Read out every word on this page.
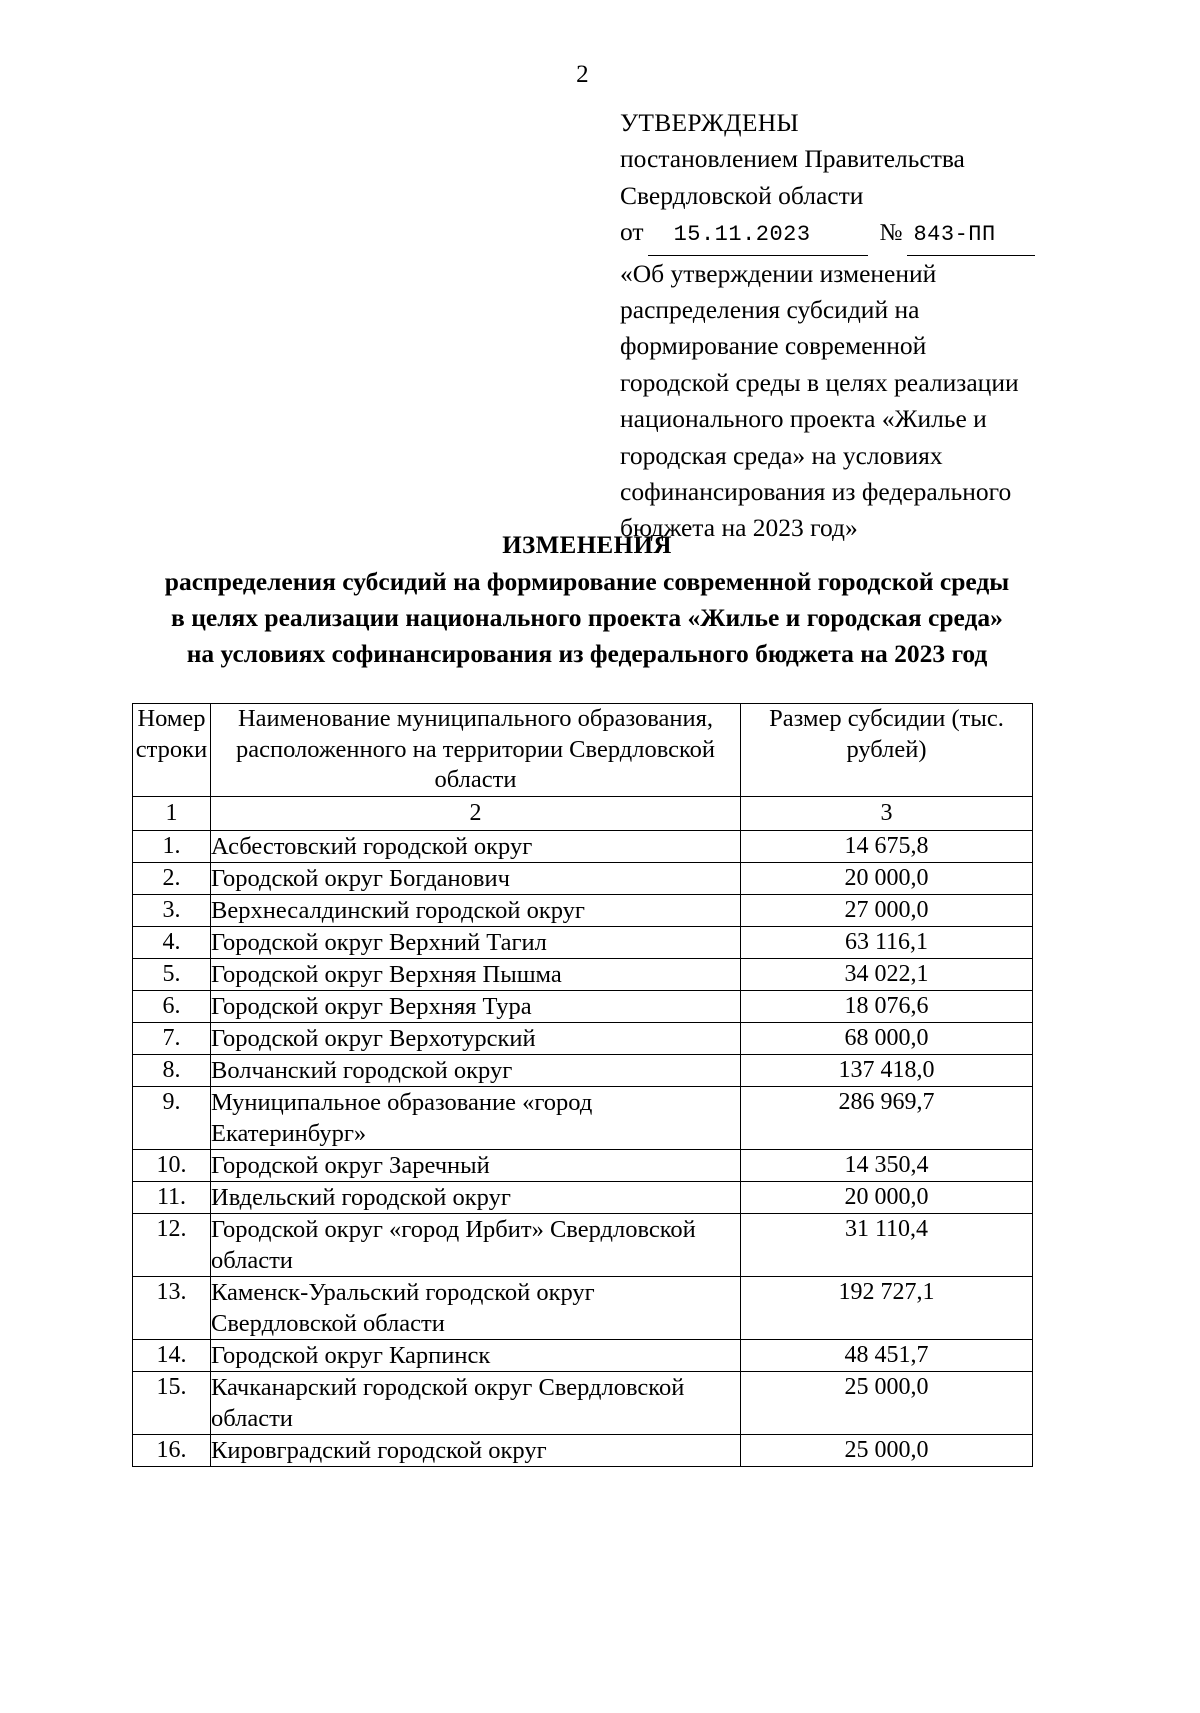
2
УТВЕРЖДЕНЫ
постановлением Правительства
Свердловской области
от	15.11.2023	№ 843-ПП
«Об утверждении изменений
распределения субсидий на
формирование современной
городской среды в целях реализации
национального проекта «Жилье и
городская среда» на условиях
софинансирования из федерального
бюджета на 2023 год»
ИЗМЕНЕНИЯ
распределения субсидий на формирование современной городской среды
в целях реализации национального проекта «Жилье и городская среда»
на условиях софинансирования из федерального бюджета на 2023 год
Номер строки	Наименование муниципального образования, расположенного на территории Свердловской области	Размер субсидии (тыс. рублей)
1	2	3
1.	Асбестовский городской округ	14 675,8
2.	Городской округ Богданович	20 000,0
3.	Верхнесалдинский городской округ	27 000,0
4.	Городской округ Верхний Тагил	63 116,1
5.	Городской округ Верхняя Пышма	34 022,1
6.	Городской округ Верхняя Тура	18 076,6
7.	Городской округ Верхотурский	68 000,0
8.	Волчанский городской округ	137 418,0
9.	Муниципальное образование «город Екатеринбург»	286 969,7
10.	Городской округ Заречный	14 350,4
11.	Ивдельский городской округ	20 000,0
12.	Городской округ «город Ирбит» Свердловской области	31 110,4
13.	Каменск-Уральский городской округ Свердловской области	192 727,1
14.	Городской округ Карпинск	48 451,7
15.	Качканарский городской округ Свердловской области	25 000,0
16.	Кировградский городской округ	25 000,0
